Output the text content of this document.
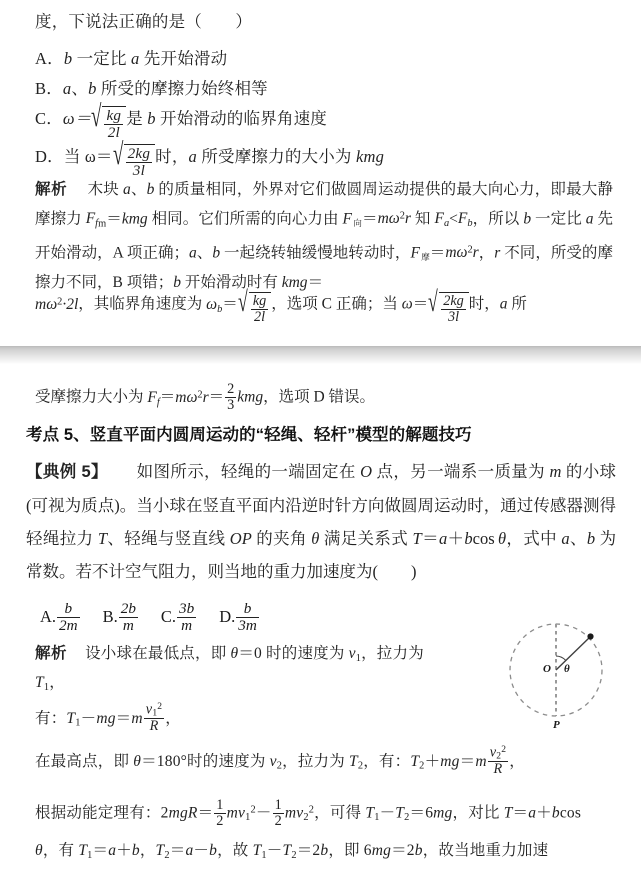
度，下说法正确的是（　　）
A．b 一定比 a 先开始滑动
B．a、b 所受的摩擦力始终相等
C．ω＝ √ $\frac{kg}{2l}$ 是 b 开始滑动的临界角速度
D．当 ω＝ √ $\frac{2kg}{3l}$ 时，a 所受摩擦力的大小为 kmg
解析 木块 a、b 的质量相同，外界对它们做圆周运动提供的最大向心力，即最大静摩擦力 $F_{fm}=kmg$ 相同。它们所需的向心力由 F $_向=m\omega^2r$ 知 $F_a<F_b$，所以 b 一定比 a 先开始滑动，A 项正确；a、b 一起绕转轴缓慢地转动时，F $_摩=m\omega^2r$，r 不同，所受的摩擦力不同，B 项错；b 开始滑动时有 kmg＝
$m\omega^2\cdot 2l$，其临界角速度为 $\omega_b=$ √ $\frac{kg}{2l}$ ，选项 C 正确；当 ω＝ √ $\frac{2kg}{3l}$ 时，a 所
受摩擦力大小为 $F_f=m\omega^2r= \frac{2}{3}$ kmg，选项 D 错误。
考点 5、竖直平面内圆周运动的“轻绳、轻杆”模型的解题技巧
【典例 5】 如图所示，轻绳的一端固定在 O 点，另一端系一质量为 m 的小球(可视为质点)。当小球在竖直平面内沿逆时针方向做圆周运动时，通过传感器测得轻绳拉力 T、轻绳与竖直线 OP 的夹角 θ 满足关系式 T＝a＋bcos θ，式中 a、b 为常数。若不计空气阻力，则当地的重力加速度为(　　)
A. $\frac{b}{2m} B$. $\frac{2b}{m} C$. $\frac{3b}{m} D$. $\frac{b}{3m}$
解析 设小球在最低点，即 θ＝0 时的速度为 $v_1$，拉力为
$T_1$，
有：$T_1-mg=m \frac{v_1^2}{R}$ ，
在最高点，即 θ＝180°时的速度为 $v_2$，拉力为 $T_2$，有：$T_2+mg=m \frac{v_2^2}{R}$ ，
根据动能定理有：$2mgR= \frac{1}{2} mv_1^2- \frac{1}{2} mv_2^2$，可得 $T_1-T_2=6mg$，对比 T＝a＋bcos
θ，有 $T_1=a+b$，$T_2=a-b$，故 $T_1-T_2=2b$，即 6mg＝2b，故当地重力加速
O θ
P
